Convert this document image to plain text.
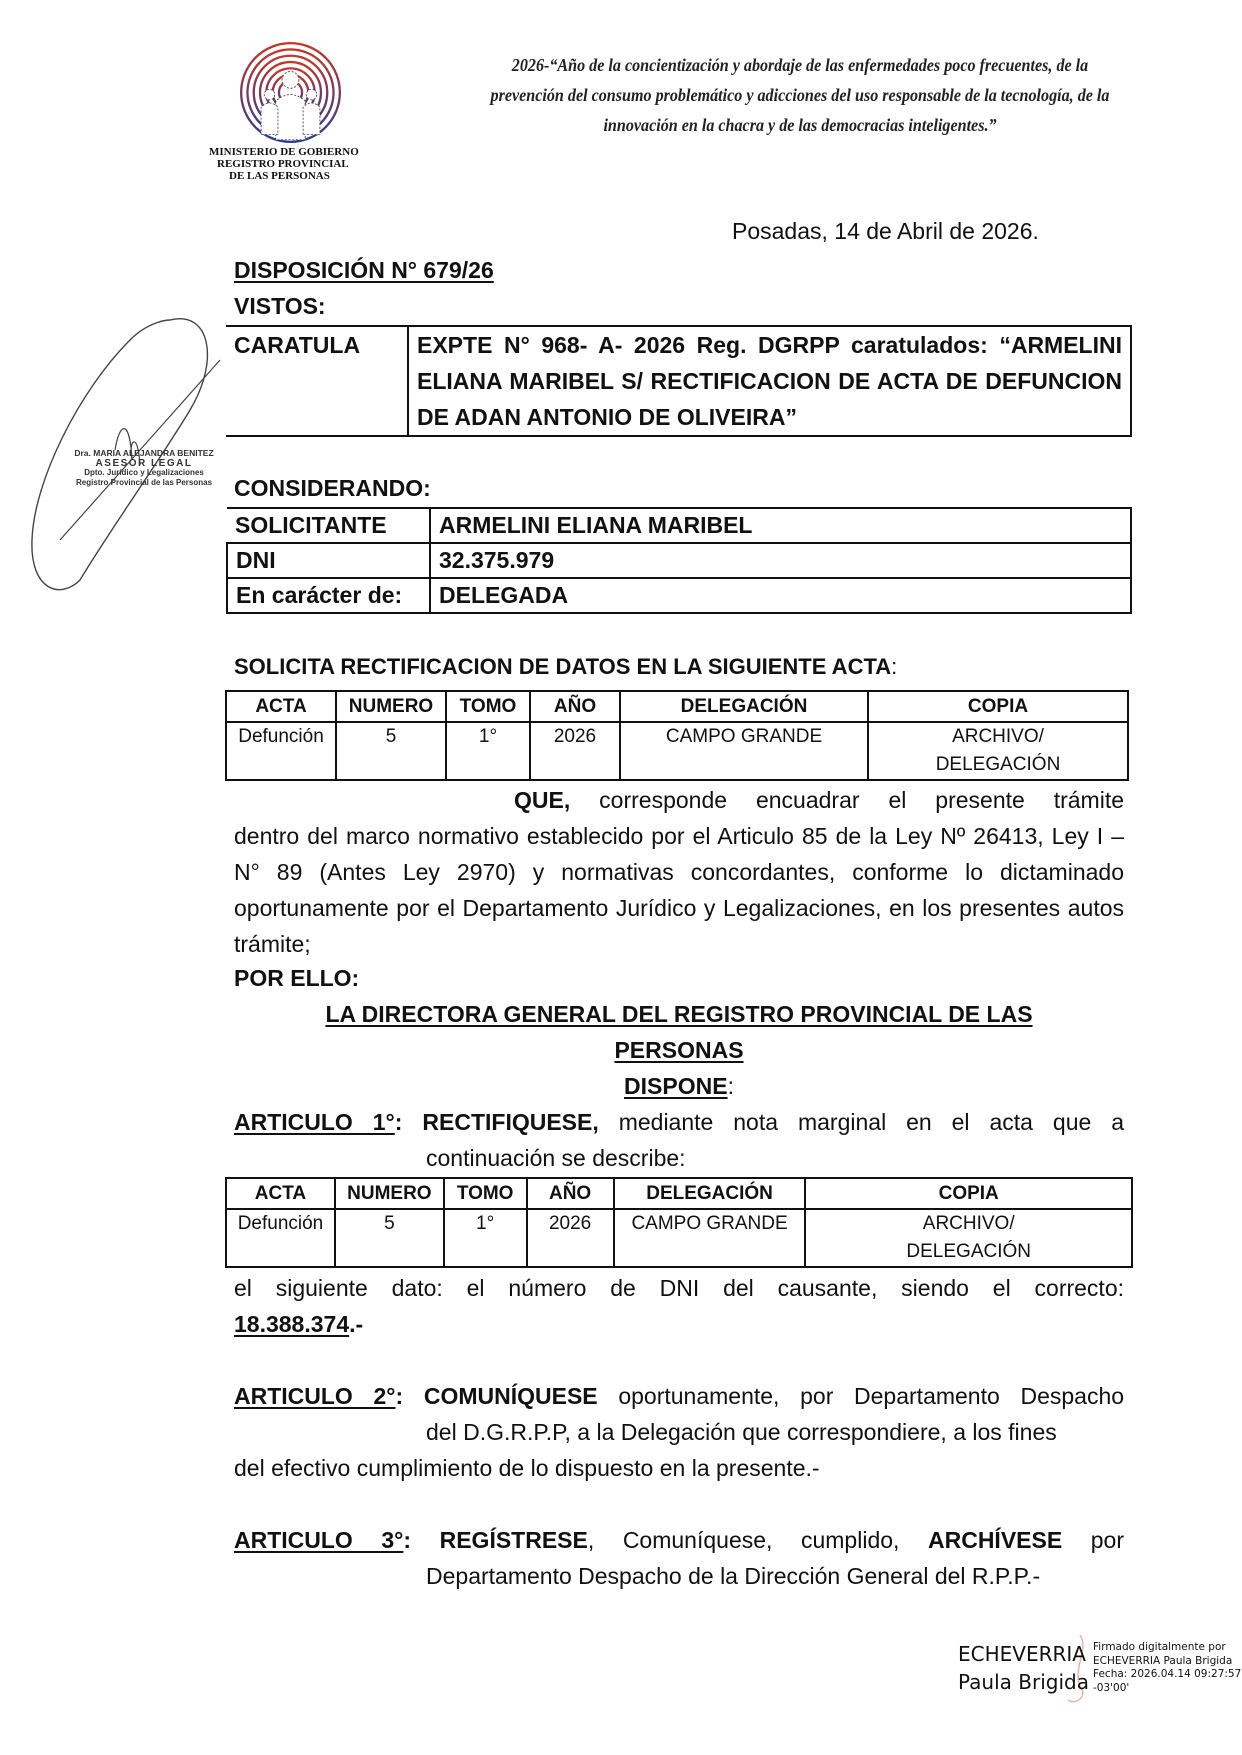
MINISTERIO DE GOBIERNO
REGISTRO PROVINCIAL
DE LAS PERSONAS
2026-“Año de la concientización y abordaje de las enfermedades poco frecuentes, de la
prevención del consumo problemático y adicciones del uso responsable de la tecnología, de la
innovación en la chacra y de las democracias inteligentes.”
Dra. MARIA ALEJANDRA BENITEZ
ASESOR LEGAL
Dpto. Jurídico y Legalizaciones
Registro Provincial de las Personas
Posadas, 14 de Abril de 2026.
DISPOSICIÓN N° 679/26
VISTOS:
CARATULA	EXPTE N° 968- A- 2026 Reg. DGRPP caratulados: “ARMELINI ELIANA MARIBEL S/ RECTIFICACION DE ACTA DE DEFUNCION DE ADAN ANTONIO DE OLIVEIRA”
CONSIDERANDO:
SOLICITANTE	ARMELINI ELIANA MARIBEL
DNI	32.375.979
En carácter de:	DELEGADA
SOLICITA RECTIFICACION DE DATOS EN LA SIGUIENTE ACTA:
ACTA	NUMERO	TOMO	AÑO	DELEGACIÓN	COPIA
Defunción	5	1°	2026	CAMPO GRANDE	ARCHIVO/ DELEGACIÓN

QUE, corresponde encuadrar el presente trámite

dentro del marco normativo establecido por el Articulo 85 de la Ley Nº 26413, Ley I – N° 89 (Antes Ley 2970) y normativas concordantes, conforme lo dictaminado oportunamente por el Departamento Jurídico y Legalizaciones, en los presentes autos trámite;

POR ELLO:
LA DIRECTORA GENERAL DEL REGISTRO PROVINCIAL DE LAS
PERSONAS
DISPONE:
ARTICULO 1°: RECTIFIQUESE, mediante nota marginal en el acta que a
continuación se describe:
ACTA	NUMERO	TOMO	AÑO	DELEGACIÓN	COPIA
Defunción	5	1°	2026	CAMPO GRANDE	ARCHIVO/ DELEGACIÓN
el siguiente dato: el número de DNI del causante, siendo el correcto:
18.388.374.-
ARTICULO 2°: COMUNÍQUESE oportunamente, por Departamento Despacho
del D.G.R.P.P, a la Delegación que correspondiere, a los fines
del efectivo cumplimiento de lo dispuesto en la presente.-
ARTICULO 3°: REGÍSTRESE, Comuníquese, cumplido, ARCHÍVESE por
Departamento Despacho de la Dirección General del R.P.P.-
ECHEVERRIA
Paula Brigida
Firmado digitalmente por
ECHEVERRIA Paula Brigida
Fecha: 2026.04.14 09:27:57
-03'00'
